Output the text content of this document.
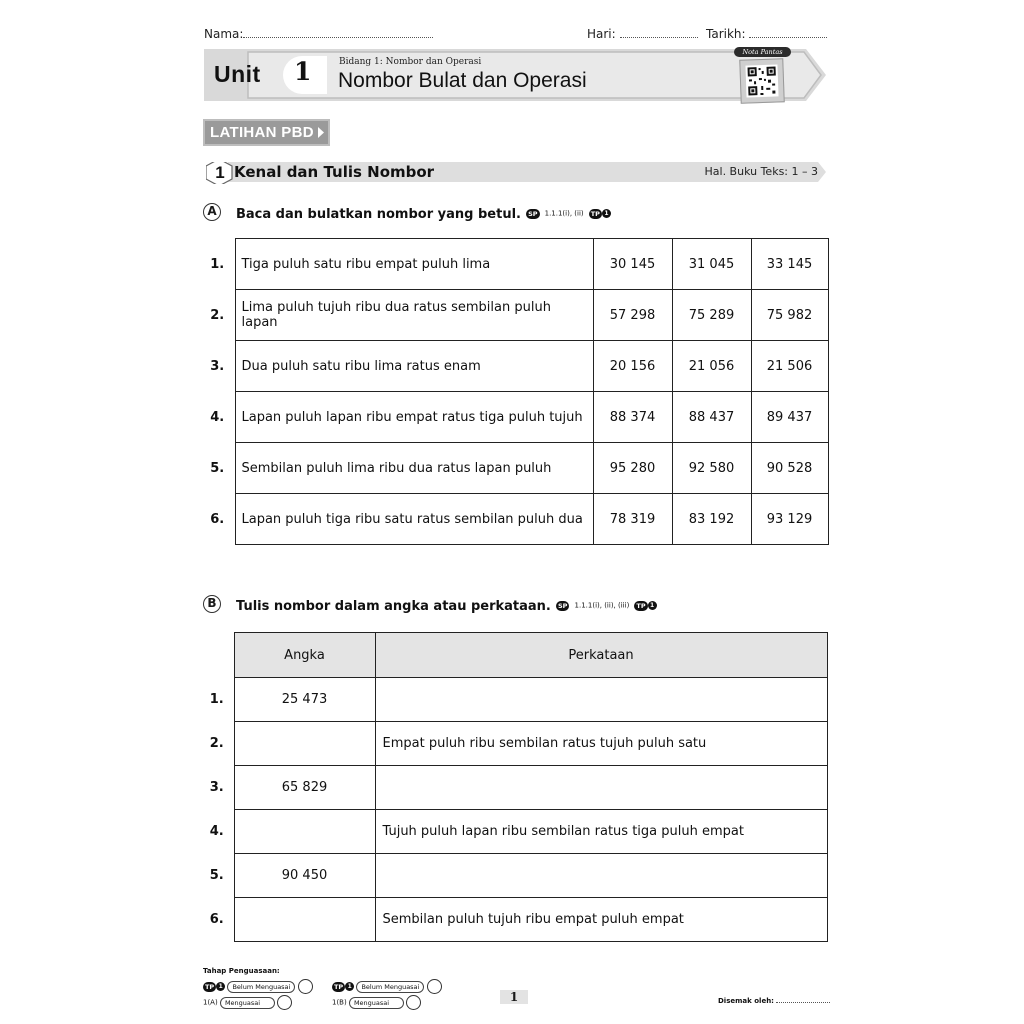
Nama:	Hari:	Tarikh:
Unit 1	Bidang 1: Nombor dan Operasi
Nombor Bulat dan Operasi
Nota Pantas
LATIHAN PBD
1 Kenal dan Tulis Nombor	Hal. Buku Teks: 1 – 3
A	Baca dan bulatkan nombor yang betul. SP 1.1.1(i), (ii) TP 1
1.	Tiga puluh satu ribu empat puluh lima	30 145	31 045	33 145
2.	Lima puluh tujuh ribu dua ratus sembilan puluh lapan	57 298	75 289	75 982
3.	Dua puluh satu ribu lima ratus enam	20 156	21 056	21 506
4.	Lapan puluh lapan ribu empat ratus tiga puluh tujuh	88 374	88 437	89 437
5.	Sembilan puluh lima ribu dua ratus lapan puluh	95 280	92 580	90 528
6.	Lapan puluh tiga ribu satu ratus sembilan puluh dua	78 319	83 192	93 129
B	Tulis nombor dalam angka atau perkataan. SP 1.1.1(i), (ii), (iii) TP 1
	Angka	Perkataan
1.	25 473	
2.		Empat puluh ribu sembilan ratus tujuh puluh satu
3.	65 829	
4.		Tujuh puluh lapan ribu sembilan ratus tiga puluh empat
5.	90 450	
6.		Sembilan puluh tujuh ribu empat puluh empat
Tahap Penguasaan:
TP 1 Belum Menguasai
1(A) Menguasai
TP 1 Belum Menguasai
1(B) Menguasai	1	Disemak oleh:
